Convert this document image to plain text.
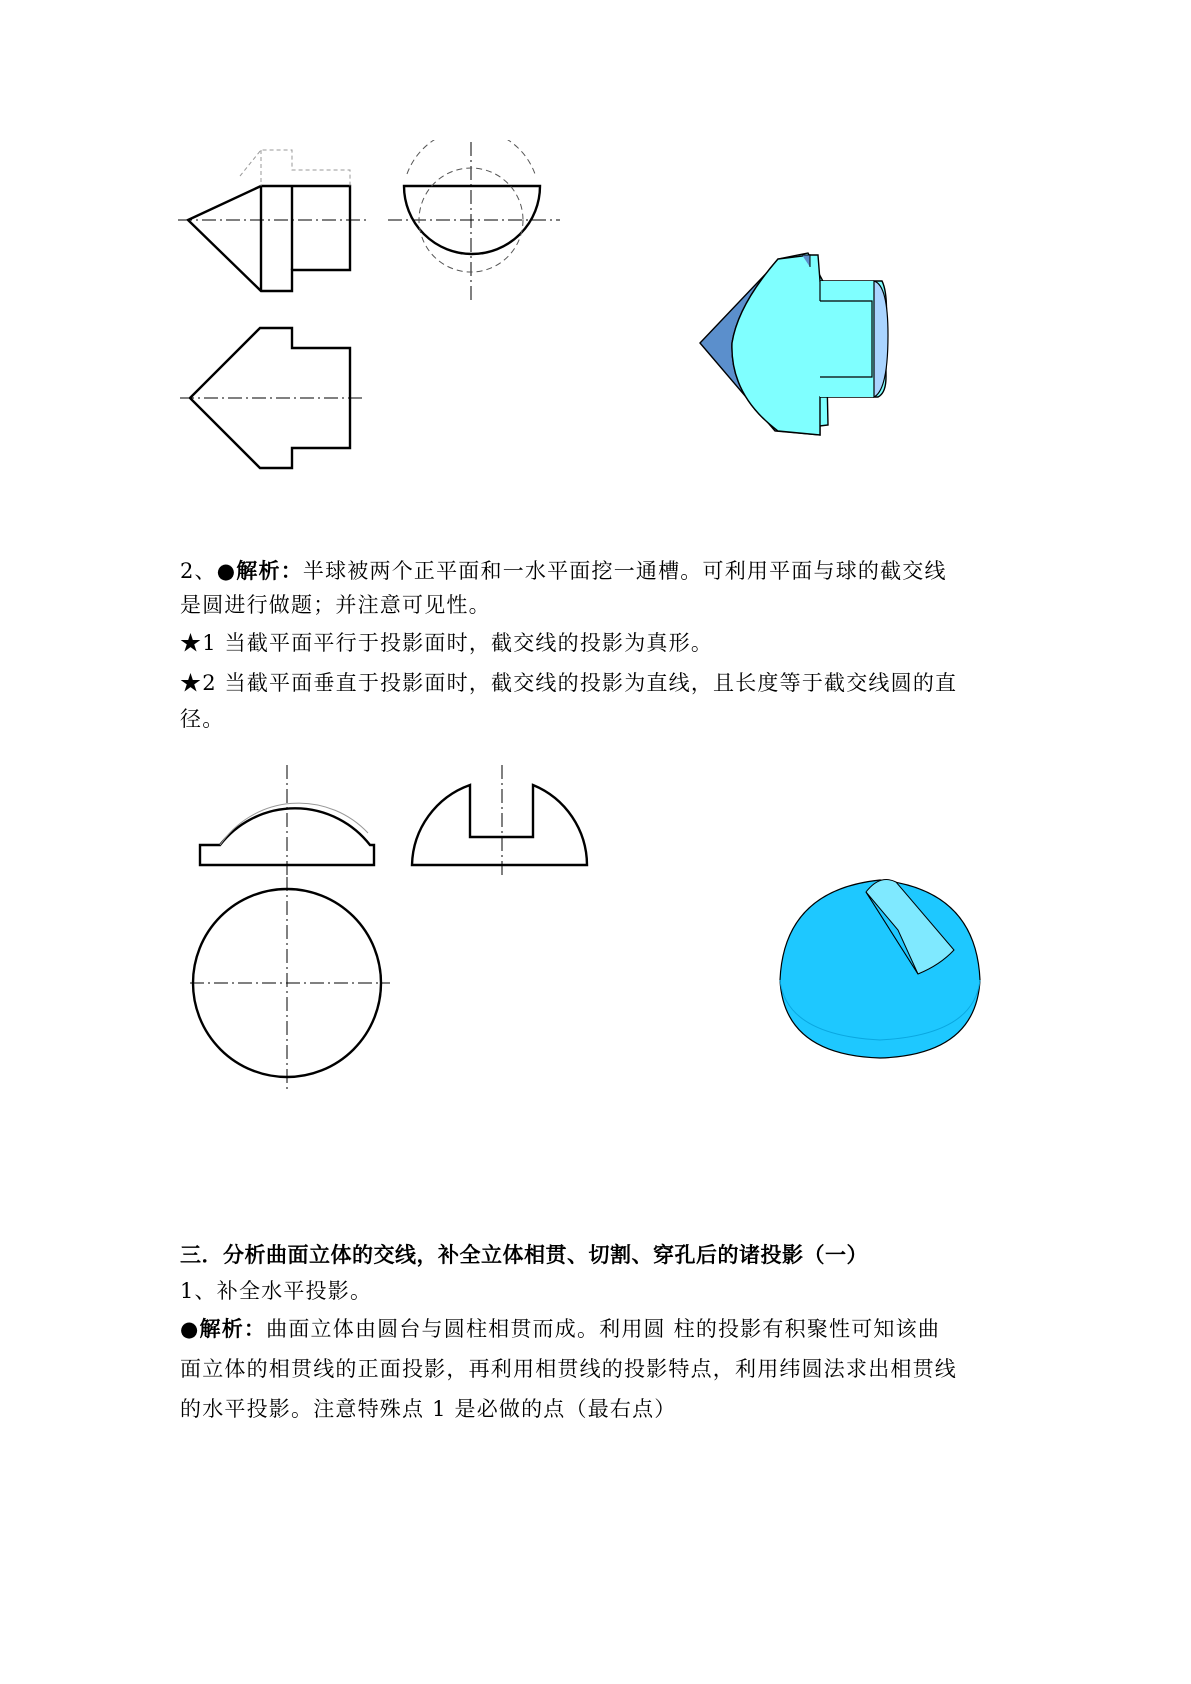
2、●解析：半球被两个正平面和一水平面挖一通槽。可利用平面与球的截交线
是圆进行做题；并注意可见性。
★1 当截平面平行于投影面时，截交线的投影为真形。
★2 当截平面垂直于投影面时，截交线的投影为直线，且长度等于截交线圆的直
径。
三．分析曲面立体的交线，补全立体相贯、切割、穿孔后的诸投影（一）
1、补全水平投影。
●解析：曲面立体由圆台与圆柱相贯而成。利用圆 柱的投影有积聚性可知该曲
面立体的相贯线的正面投影，再利用相贯线的投影特点，利用纬圆法求出相贯线
的水平投影。注意特殊点 1 是必做的点（最右点）
